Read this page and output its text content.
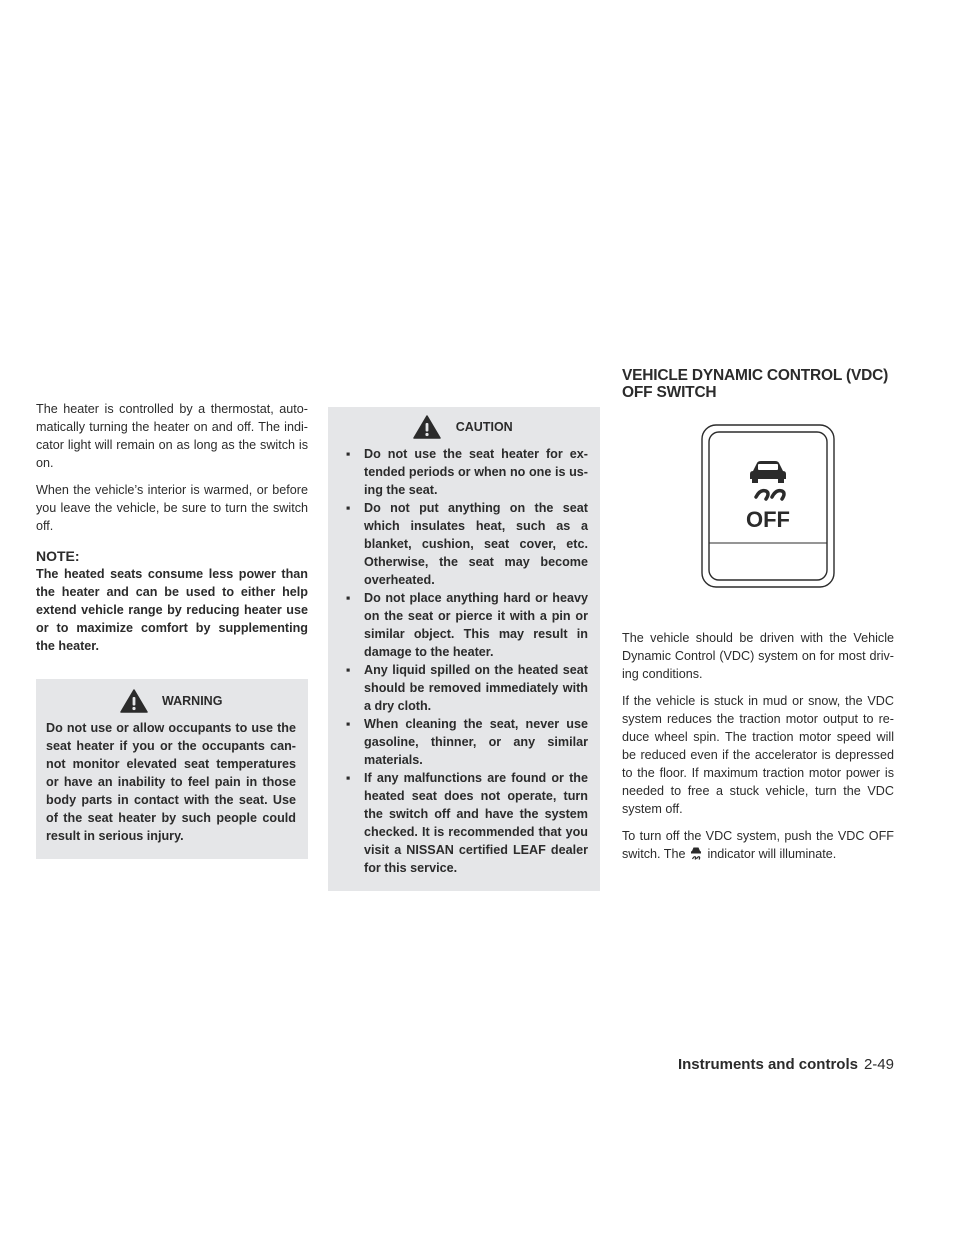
The heater is controlled by a thermostat, automatically turning the heater on and off. The indicator light will remain on as long as the switch is on.

When the vehicle’s interior is warmed, or before you leave the vehicle, be sure to turn the switch off.

NOTE:

The heated seats consume less power than the heater and can be used to either help extend vehicle range by reducing heater use or to maximize comfort by supplementing the heater.

WARNING

Do not use or allow occupants to use the seat heater if you or the occupants cannot monitor elevated seat temperatures or have an inability to feel pain in those body parts in contact with the seat. Use of the seat heater by such people could result in serious injury.

CAUTION
▪ Do not use the seat heater for extended periods or when no one is using the seat.
▪ Do not put anything on the seat which insulates heat, such as a blanket, cushion, seat cover, etc. Otherwise, the seat may become overheated.
▪ Do not place anything hard or heavy on the seat or pierce it with a pin or similar object. This may result in damage to the heater.
▪ Any liquid spilled on the heated seat should be removed immediately with a dry cloth.
▪ When cleaning the seat, never use gasoline, thinner, or any similar materials.
▪ If any malfunctions are found or the heated seat does not operate, turn the switch off and have the system checked. It is recommended that you visit a NISSAN certified LEAF dealer for this service.
VEHICLE DYNAMIC CONTROL (VDC)
OFF SWITCH
OFF

The vehicle should be driven with the Vehicle Dynamic Control (VDC) system on for most driving conditions.

If the vehicle is stuck in mud or snow, the VDC system reduces the traction motor output to reduce wheel spin. The traction motor speed will be reduced even if the accelerator is depressed to the floor. If maximum traction motor power is needed to free a stuck vehicle, turn the VDC system off.

To turn off the VDC system, push the VDC OFF switch. The indicator will illuminate.

Instruments and controls 2-49
